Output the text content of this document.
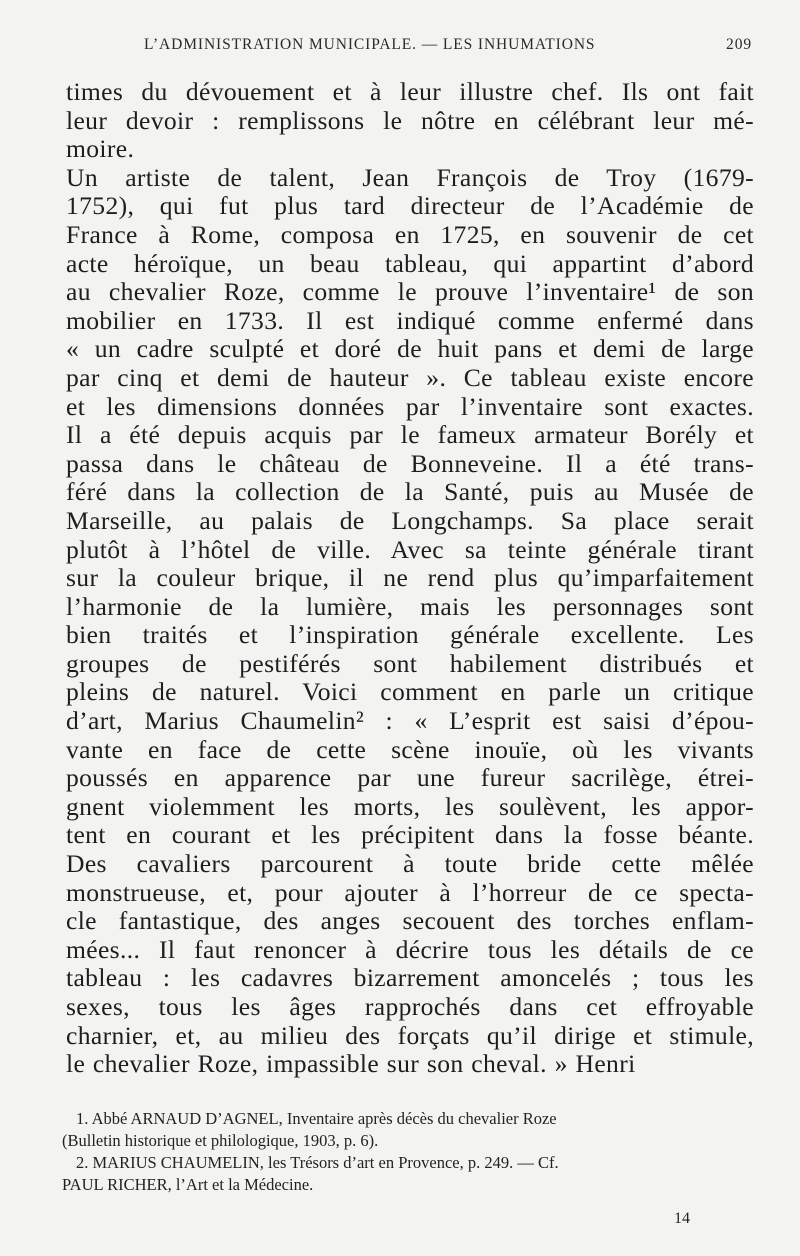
L’ADMINISTRATION MUNICIPALE. — LES INHUMATIONS	209
times du dévouement et à leur illustre chef. Ils ont fait
leur devoir : remplissons le nôtre en célébrant leur mé-
moire.
Un artiste de talent, Jean François de Troy (1679-
1752), qui fut plus tard directeur de l’Académie de
France à Rome, composa en 1725, en souvenir de cet
acte héroïque, un beau tableau, qui appartint d’abord
au chevalier Roze, comme le prouve l’inventaire¹ de son
mobilier en 1733. Il est indiqué comme enfermé dans
« un cadre sculpté et doré de huit pans et demi de large
par cinq et demi de hauteur ». Ce tableau existe encore
et les dimensions données par l’inventaire sont exactes.
Il a été depuis acquis par le fameux armateur Borély et
passa dans le château de Bonneveine. Il a été trans-
féré dans la collection de la Santé, puis au Musée de
Marseille, au palais de Longchamps. Sa place serait
plutôt à l’hôtel de ville. Avec sa teinte générale tirant
sur la couleur brique, il ne rend plus qu’imparfaitement
l’harmonie de la lumière, mais les personnages sont
bien traités et l’inspiration générale excellente. Les
groupes de pestiférés sont habilement distribués et
pleins de naturel. Voici comment en parle un critique
d’art, Marius Chaumelin² : « L’esprit est saisi d’épou-
vante en face de cette scène inouïe, où les vivants
poussés en apparence par une fureur sacrilège, étrei-
gnent violemment les morts, les soulèvent, les appor-
tent en courant et les précipitent dans la fosse béante.
Des cavaliers parcourent à toute bride cette mêlée
monstrueuse, et, pour ajouter à l’horreur de ce specta-
cle fantastique, des anges secouent des torches enflam-
mées... Il faut renoncer à décrire tous les détails de ce
tableau : les cadavres bizarrement amoncelés ; tous les
sexes, tous les âges rapprochés dans cet effroyable
charnier, et, au milieu des forçats qu’il dirige et stimule,
le chevalier Roze, impassible sur son cheval. » Henri
1. Abbé ARNAUD D’AGNEL, Inventaire après décès du chevalier Roze
(Bulletin historique et philologique, 1903, p. 6).
2. MARIUS CHAUMELIN, les Trésors d’art en Provence, p. 249. — Cf.
PAUL RICHER, l’Art et la Médecine.
14
